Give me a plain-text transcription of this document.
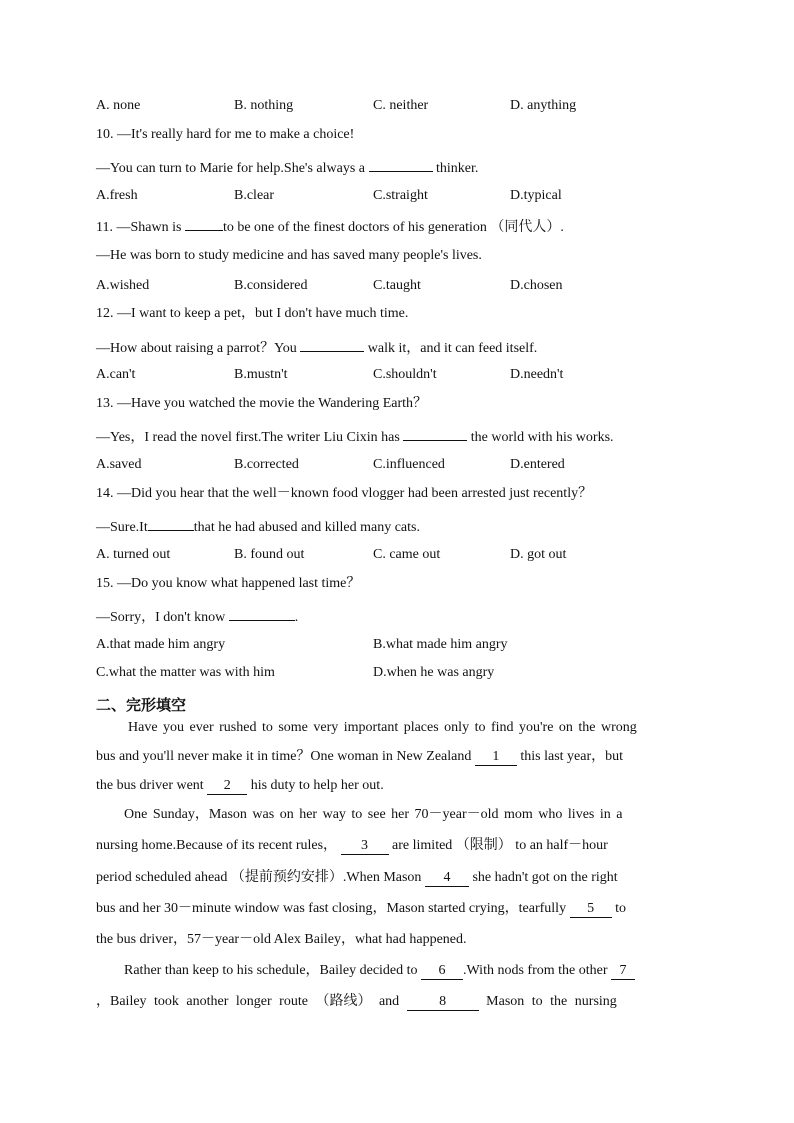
A. none	B. nothing	C. neither	D. anything
10. —It's really hard for me to make a choice!
—You can turn to Marie for help.She's always a	thinker.
A.fresh	B.clear	C.straight	D.typical
11. —Shawn is	to be one of the finest doctors of his generation （同代人）.
—He was born to study medicine and has saved many people's lives.
A.wished	B.considered	C.taught	D.chosen
12. —I want to keep a pet，but I don't have much time.
—How about raising a parrot？You	walk it，and it can feed itself.
A.can't	B.mustn't	C.shouldn't	D.needn't
13. —Have you watched the movie the Wandering Earth？
—Yes，I read the novel first.The writer Liu Cixin has	the world with his works.
A.saved	B.corrected	C.influenced	D.entered
14. —Did you hear that the well－known food vlogger had been arrested just recently？
—Sure.It	that he had abused and killed many cats.
A. turned out	B. found out	C. came out	D. got out
15. —Do you know what happened last time？
—Sorry，I don't know	.
A.that made him angry	B.what made him angry
C.what the matter was with him	D.when he was angry
二、完形填空
Have you ever rushed to some very important places only to find you're on the wrong
bus and you'll never make it in time？One woman in New Zealand 1 this last year，but
the bus driver went 2 his duty to help her out.
One Sunday，Mason was on her way to see her 70－year－old mom who lives in a
nursing home.Because of its recent rules， 3 are limited （限制） to an half－hour
period scheduled ahead （提前预约安排）.When Mason 4 she hadn't got on the right
bus and her 30－minute window was fast closing，Mason started crying，tearfully 5 to
the bus driver，57－year－old Alex Bailey，what had happened.
Rather than keep to his schedule，Bailey decided to 6 .With nods from the other 7
，Bailey took another longer route （路线） and 8 Mason to the nursing
